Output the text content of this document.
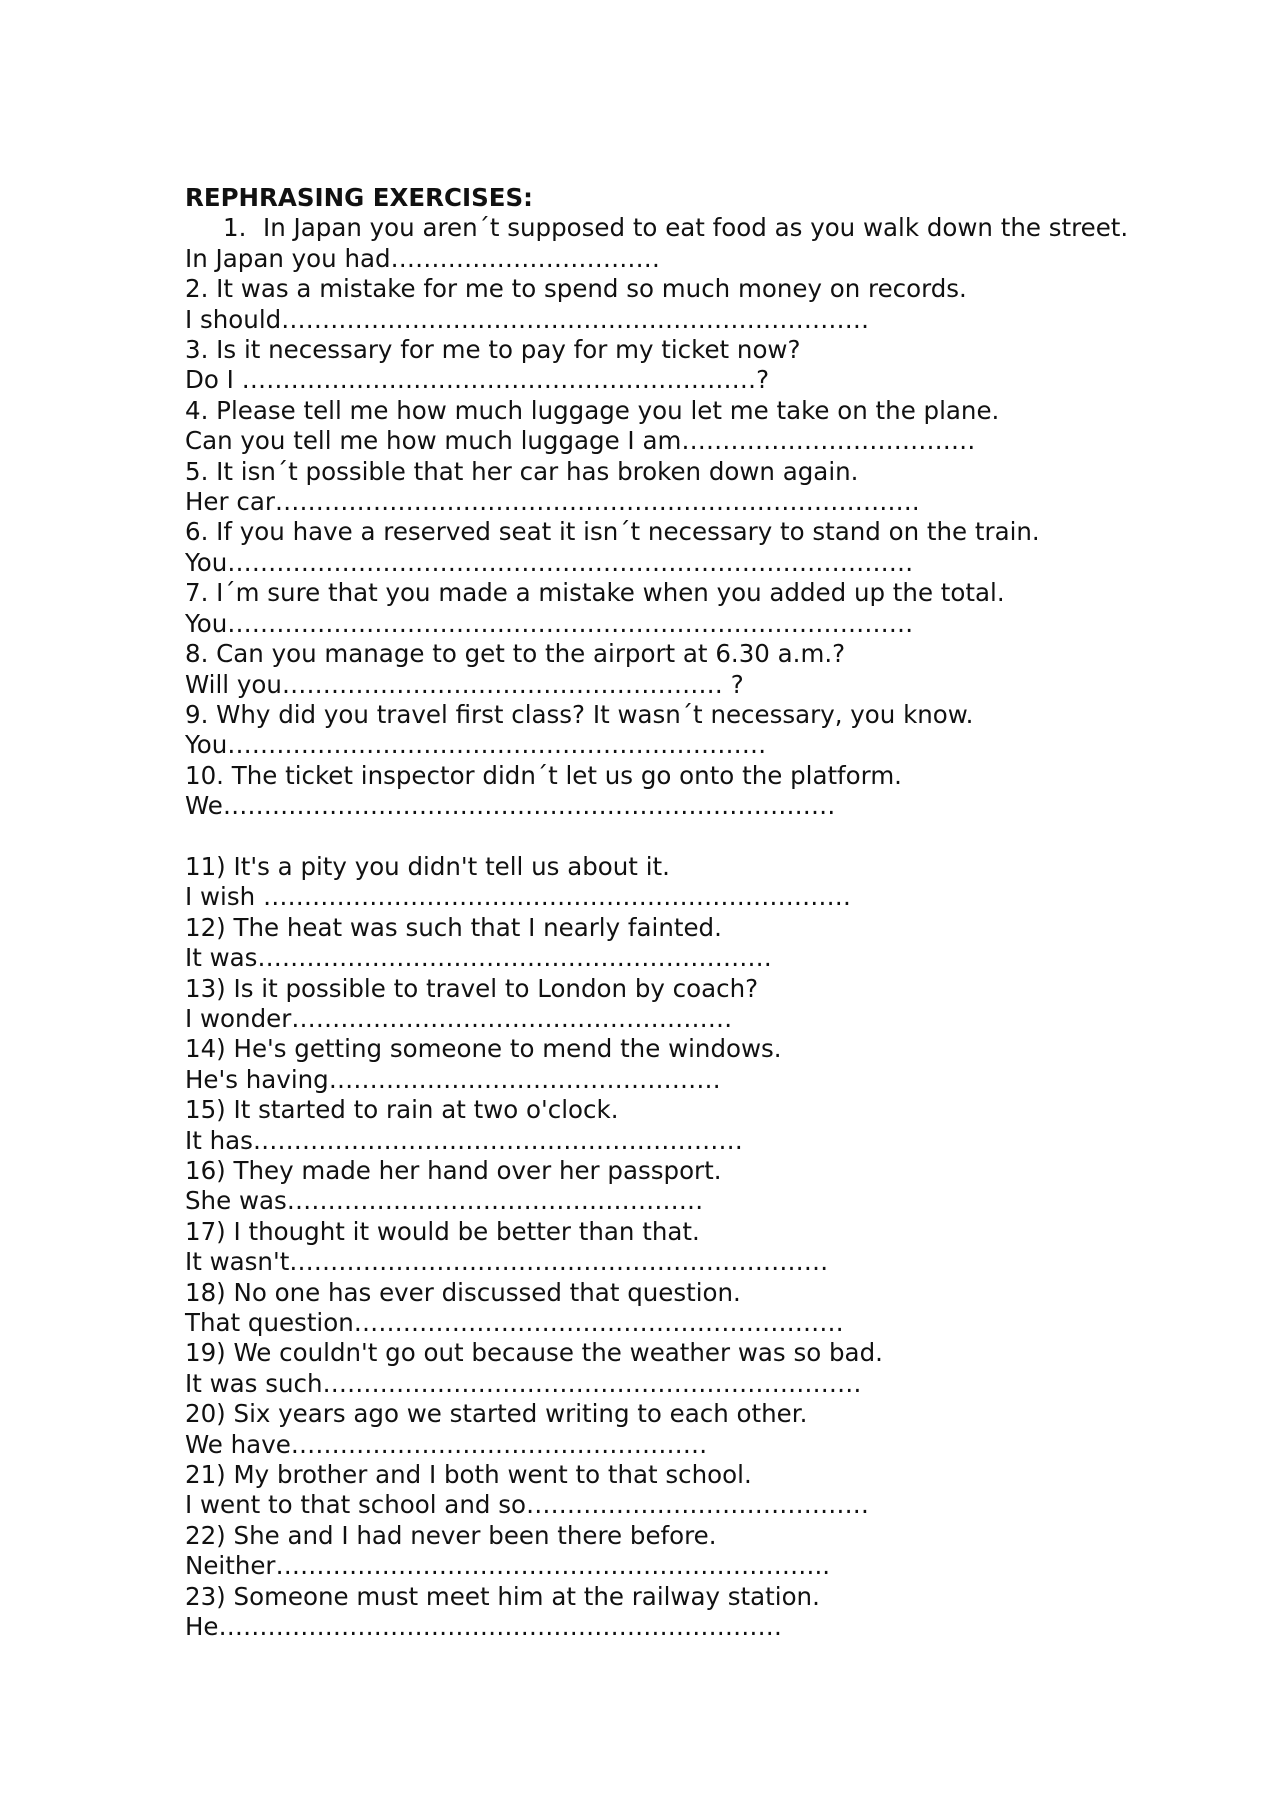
REPHRASING EXERCISES:
1. In Japan you aren´t supposed to eat food as you walk down the street.
In Japan you had……………………………
2. It was a mistake for me to spend so much money on records.
I should………………………………………………………………
3. Is it necessary for me to pay for my ticket now?
Do I ………………………………………………………?
4. Please tell me how much luggage you let me take on the plane.
Can you tell me how much luggage I am………………………………
5. It isn´t possible that her car has broken down again.
Her car…………………………………………………………………….
6. If you have a reserved seat it isn´t necessary to stand on the train.
You…………………………………………………………………………
7. I´m sure that you made a mistake when you added up the total.
You…………………………………………………………………………
8. Can you manage to get to the airport at 6.30 a.m.?
Will you……………………………………………… ?
9. Why did you travel first class? It wasn´t necessary, you know.
You…………………………………………………………
10. The ticket inspector didn´t let us go onto the platform.
We…………………………………………………………………
11) It's a pity you didn't tell us about it.
I wish ………………………………………………………………
12) The heat was such that I nearly fainted.
It was………………………………………………………
13) Is it possible to travel to London by coach?
I wonder………………………………………………
14) He's getting someone to mend the windows.
He's having…………………………………………
15) It started to rain at two o'clock.
It has……………………………………………………
16) They made her hand over her passport.
She was……………………………………………
17) I thought it would be better than that.
It wasn't…………………………………………………………
18) No one has ever discussed that question.
That question……………………………………………………
19) We couldn't go out because the weather was so bad.
It was such…………………………………………………………
20) Six years ago we started writing to each other.
We have……………………………………………
21) My brother and I both went to that school.
I went to that school and so……………………………………
22) She and I had never been there before.
Neither…………………………………………………………..
23) Someone must meet him at the railway station.
He……………………………………………………………
